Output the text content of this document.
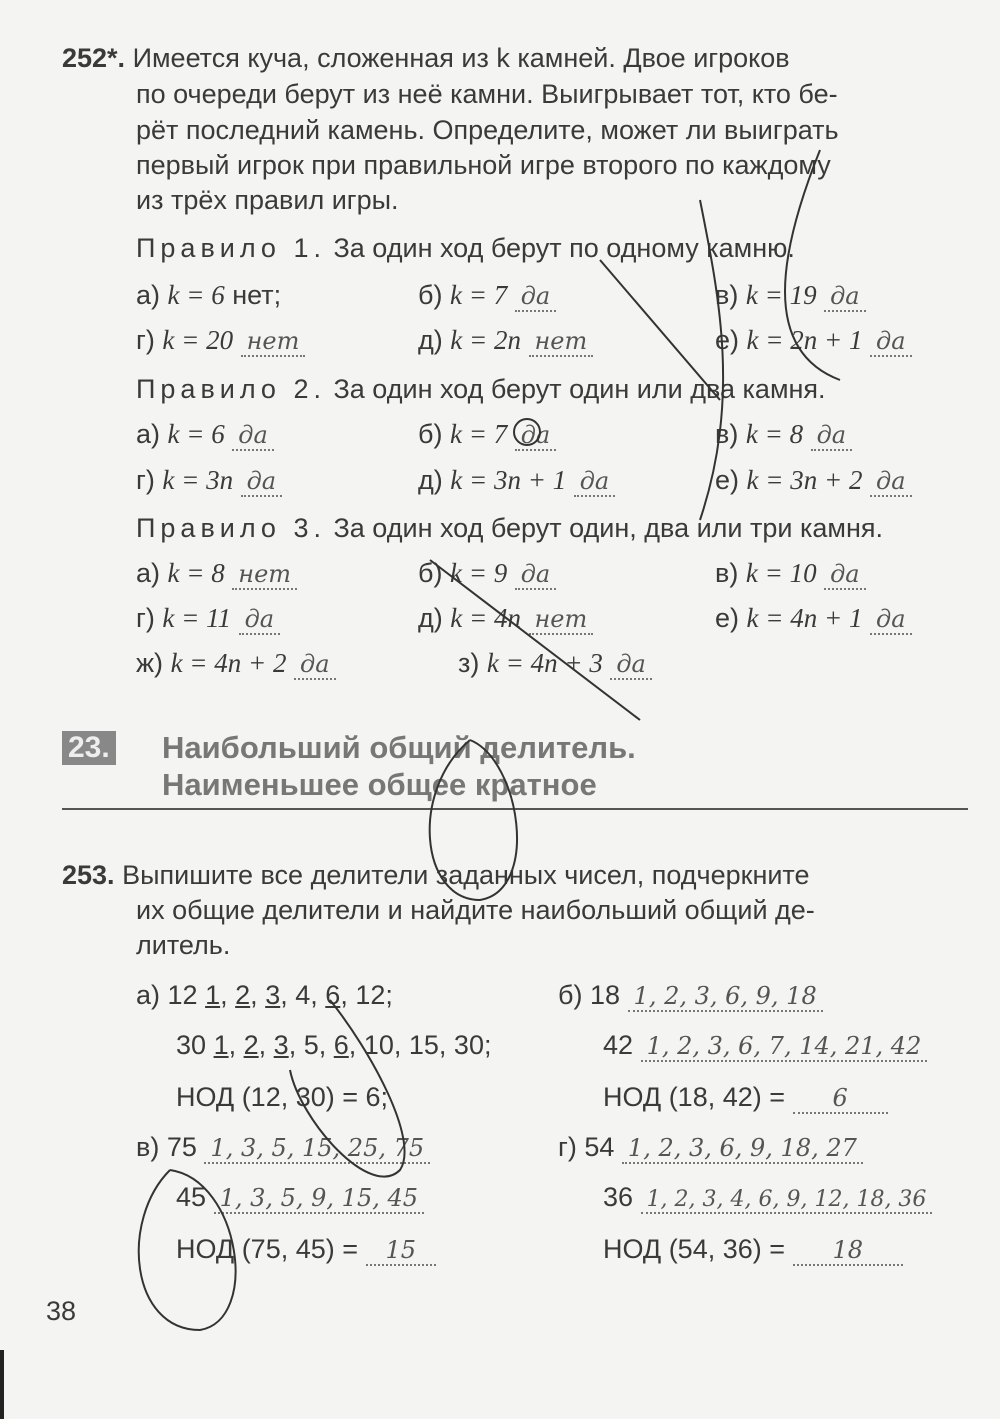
252*. Имеется куча, сложенная из k камней. Двое игроков
по очереди берут из неё камни. Выигрывает тот, кто бе-
рёт последний камень. Определите, может ли выиграть
первый игрок при правильной игре второго по каждому
из трёх правил игры.
Правило 1. За один ход берут по одному камню.
а) k = 6 нет;	б) k = 7 да	в) k = 19 да
г) k = 20 нет	д) k = 2n нет	е) k = 2n + 1 да
Правило 2. За один ход берут один или два камня.
а) k = 6 да	б) k = 7 да	в) k = 8 да
г) k = 3n да	д) k = 3n + 1 да	е) k = 3n + 2 да
Правило 3. За один ход берут один, два или три камня.
а) k = 8 нет	б) k = 9 да	в) k = 10 да
г) k = 11 да	д) k = 4n нет	е) k = 4n + 1 да
ж) k = 4n + 2 да	з) k = 4n + 3 да
23. Наибольший общий делитель.
Наименьшее общее кратное
253. Выпишите все делители заданных чисел, подчеркните
их общие делители и найдите наибольший общий де-
литель.
а) 12 1, 2, 3, 4, 6, 12;
30 1, 2, 3, 5, 6, 10, 15, 30;
НОД (12, 30) = 6;
б) 18 1, 2, 3, 6, 9, 18
42 1, 2, 3, 6, 7, 14, 21, 42
НОД (18, 42) = 6
в) 75 1, 3, 5, 15, 25, 75
45 1, 3, 5, 9, 15, 45
НОД (75, 45) = 15
г) 54 1, 2, 3, 6, 9, 18, 27
36 1, 2, 3, 4, 6, 9, 12, 18, 36
НОД (54, 36) = 18
38
